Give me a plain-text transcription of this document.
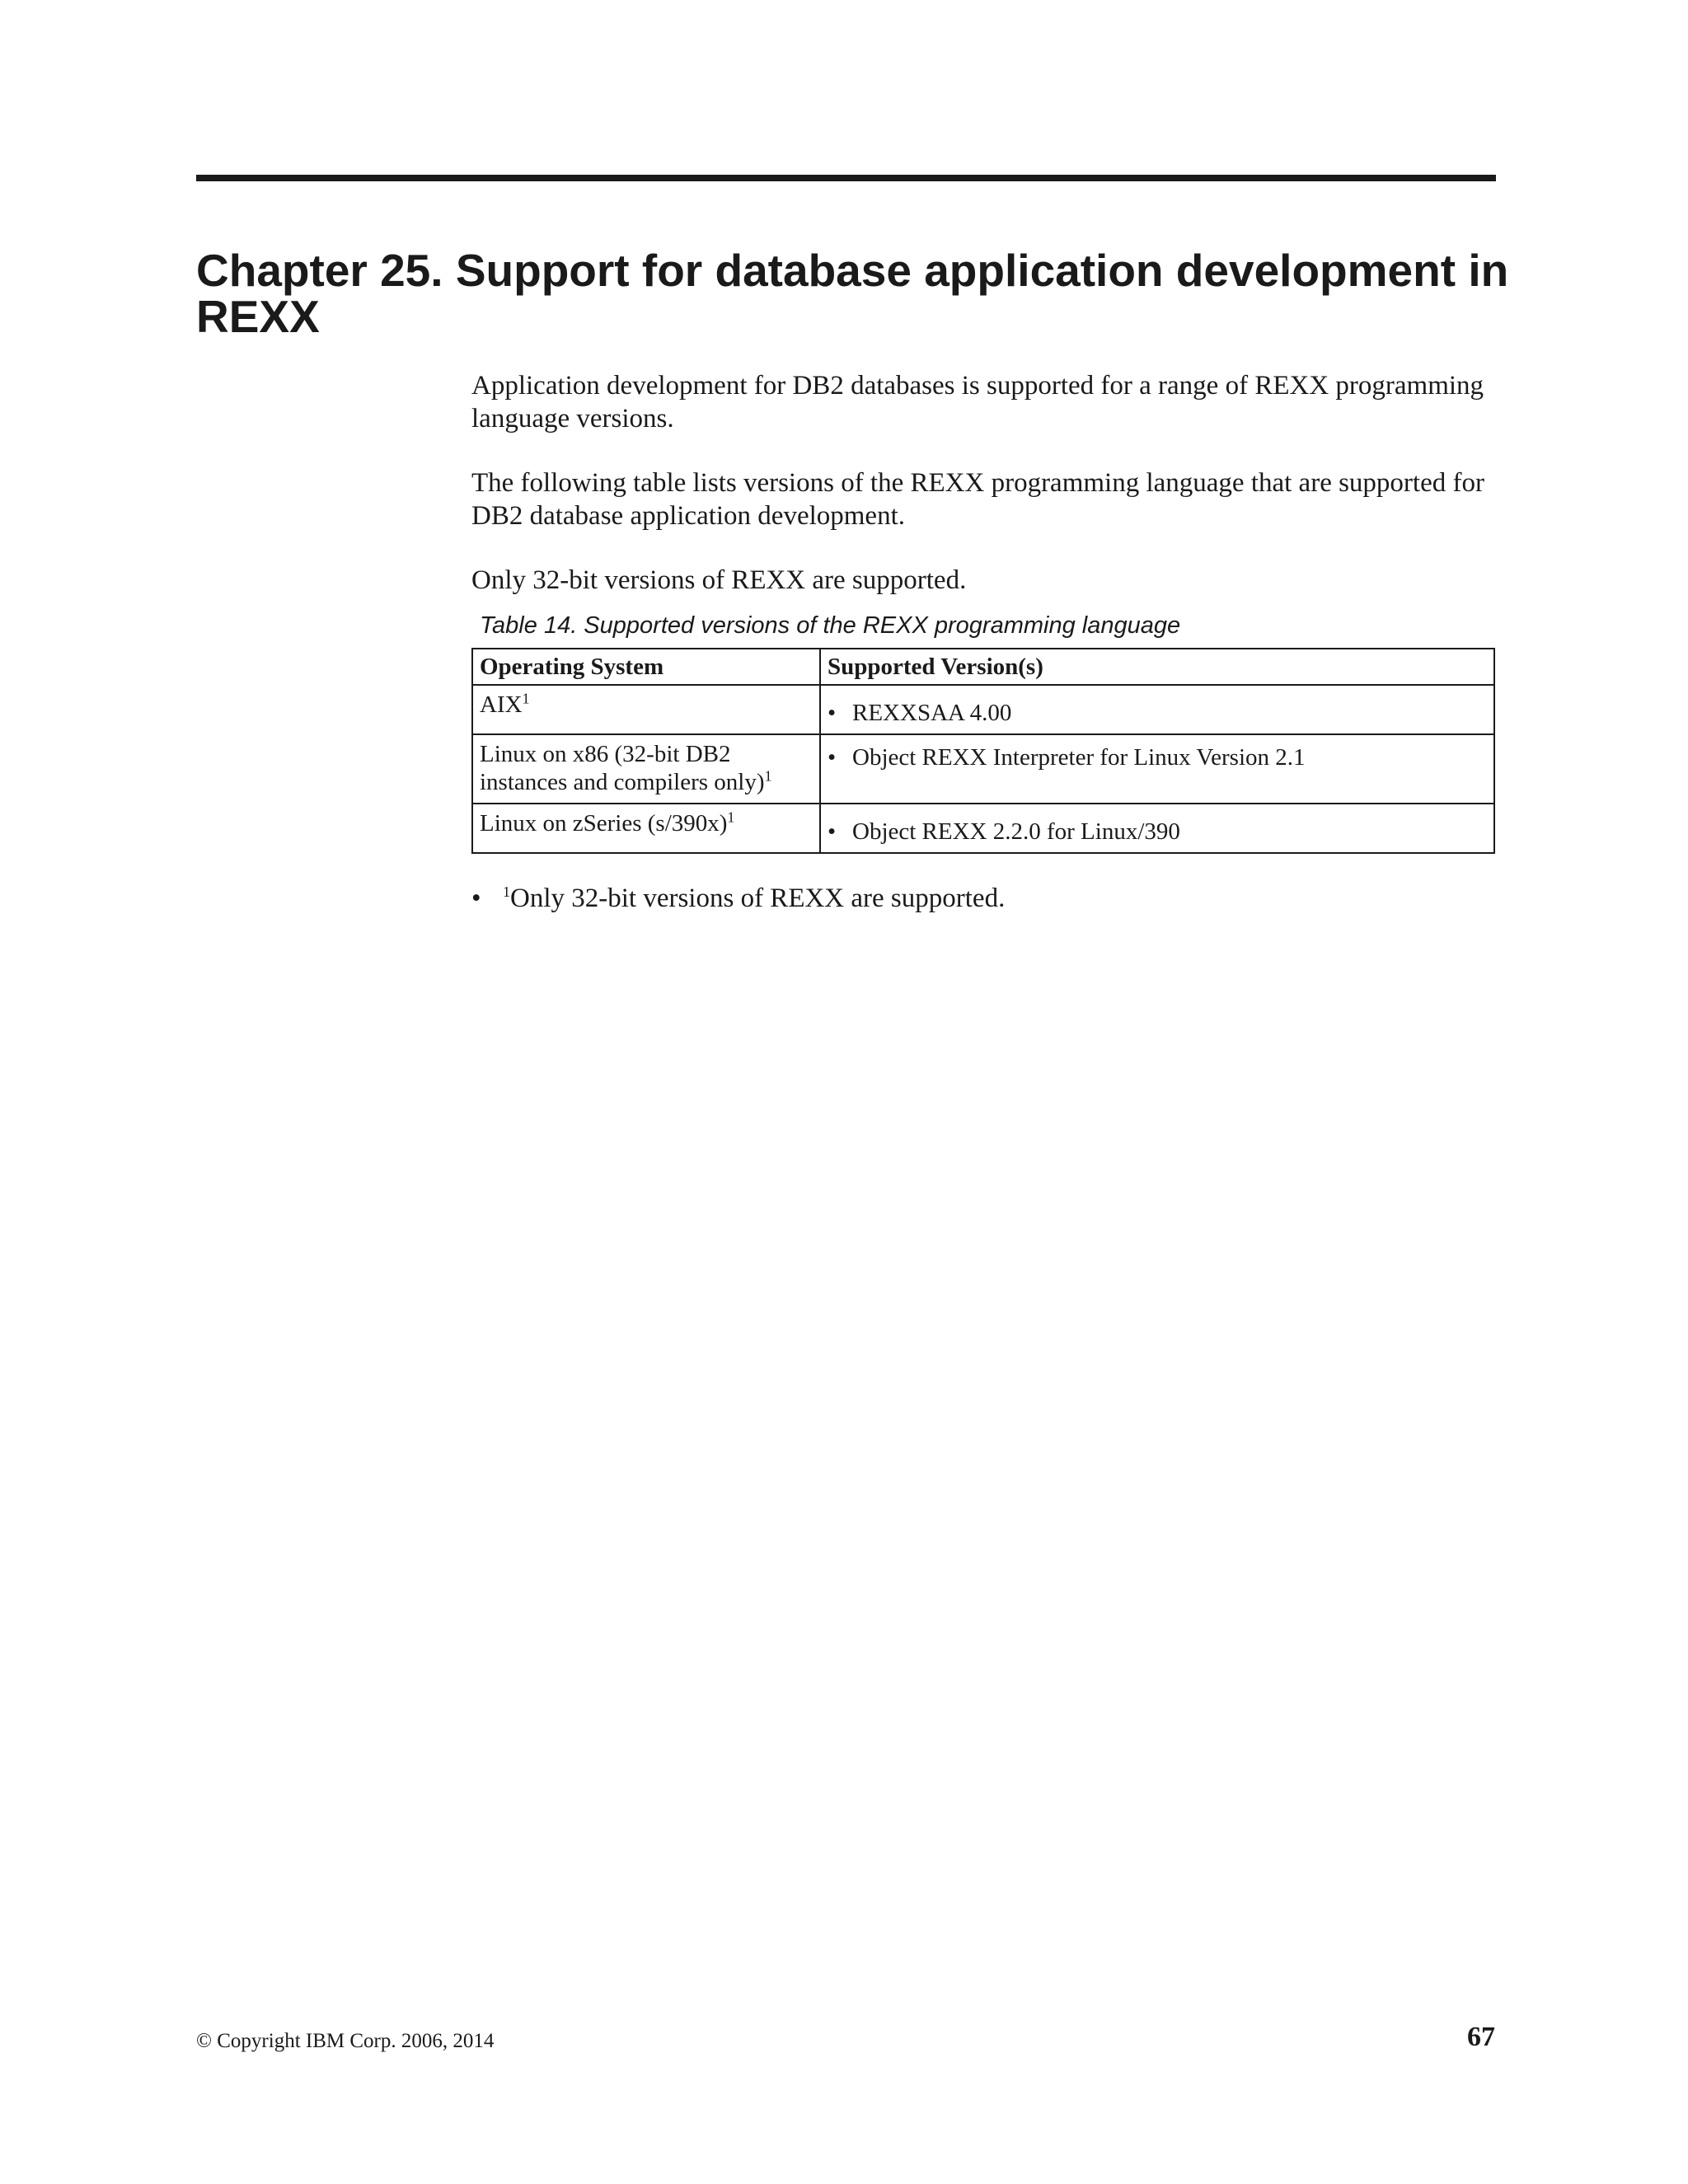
Chapter 25. Support for database application development in REXX

Application development for DB2 databases is supported for a range of REXX programming language versions.

The following table lists versions of the REXX programming language that are supported for DB2 database application development.

Only 32-bit versions of REXX are supported.

Table 14. Supported versions of the REXX programming language
Operating System	Supported Version(s)
AIX$^1$	• REXXSAA 4.00

Linux on x86 (32-bit DB2 instances and compilers only)$^1$	• Object REXX Interpreter for Linux Version 2.1

Linux on zSeries $(s/390x)^1$	• Object REXX 2.2.0 for Linux/390
• $^1$Only 32-bit versions of REXX are supported.
© Copyright IBM Corp. 2006, 2014	67
